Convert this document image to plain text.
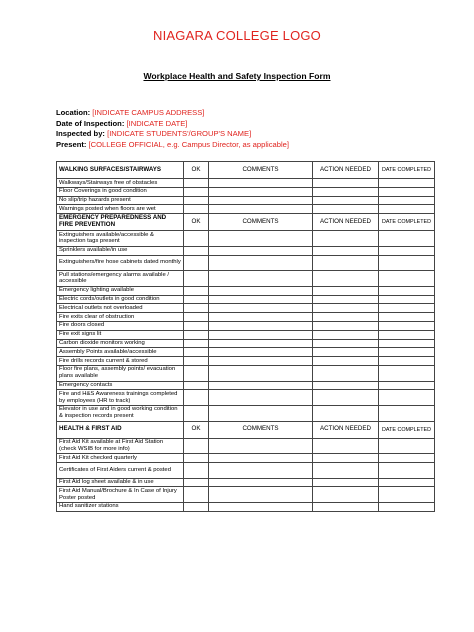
NIAGARA COLLEGE LOGO
Workplace Health and Safety Inspection Form
Location: [INDICATE CAMPUS ADDRESS]
Date of Inspection: [INDICATE DATE]
Inspected by: [INDICATE STUDENTS'/GROUP'S NAME]
Present: [COLLEGE OFFICIAL, e.g. Campus Director, as applicable]
WALKING SURFACES/STAIRWAYS	OK	COMMENTS	ACTION NEEDED	DATE COMPLETED
Walkways/Stairways free of obstacles				
Floor Coverings in good condition				
No slip/trip hazards present				
Warnings posted when floors are wet				
EMERGENCY PREPAREDNESS AND FIRE PREVENTION	OK	COMMENTS	ACTION NEEDED	DATE COMPLETED
Extinguishers available/accessible & inspection tags present				
Sprinklers available/in use				
Extinguishers/fire hose cabinets dated monthly				
Pull stations/emergency alarms available / accessible				
Emergency lighting available				
Electric cords/outlets in good condition				
Electrical outlets not overloaded				
Fire exits clear of obstruction				
Fire doors closed				
Fire exit signs lit				
Carbon dioxide monitors working				
Assembly Points available/accessible				
Fire drills records current & stored				
Floor fire plans, assembly points/ evacuation plans available				
Emergency contacts				
Fire and H&S Awareness trainings completed by employees (HR to track)				
Elevator in use and in good working condition & inspection records present				
HEALTH & FIRST AID	OK	COMMENTS	ACTION NEEDED	DATE COMPLETED
First Aid Kit available at First Aid Station (check WSIB for more info)				
First Aid Kit checked quarterly				
Certificates of First Aiders current & posted				
First Aid log sheet available & in use				
First Aid Manual/Brochure & In Case of Injury Poster posted				
Hand sanitizer stations				
